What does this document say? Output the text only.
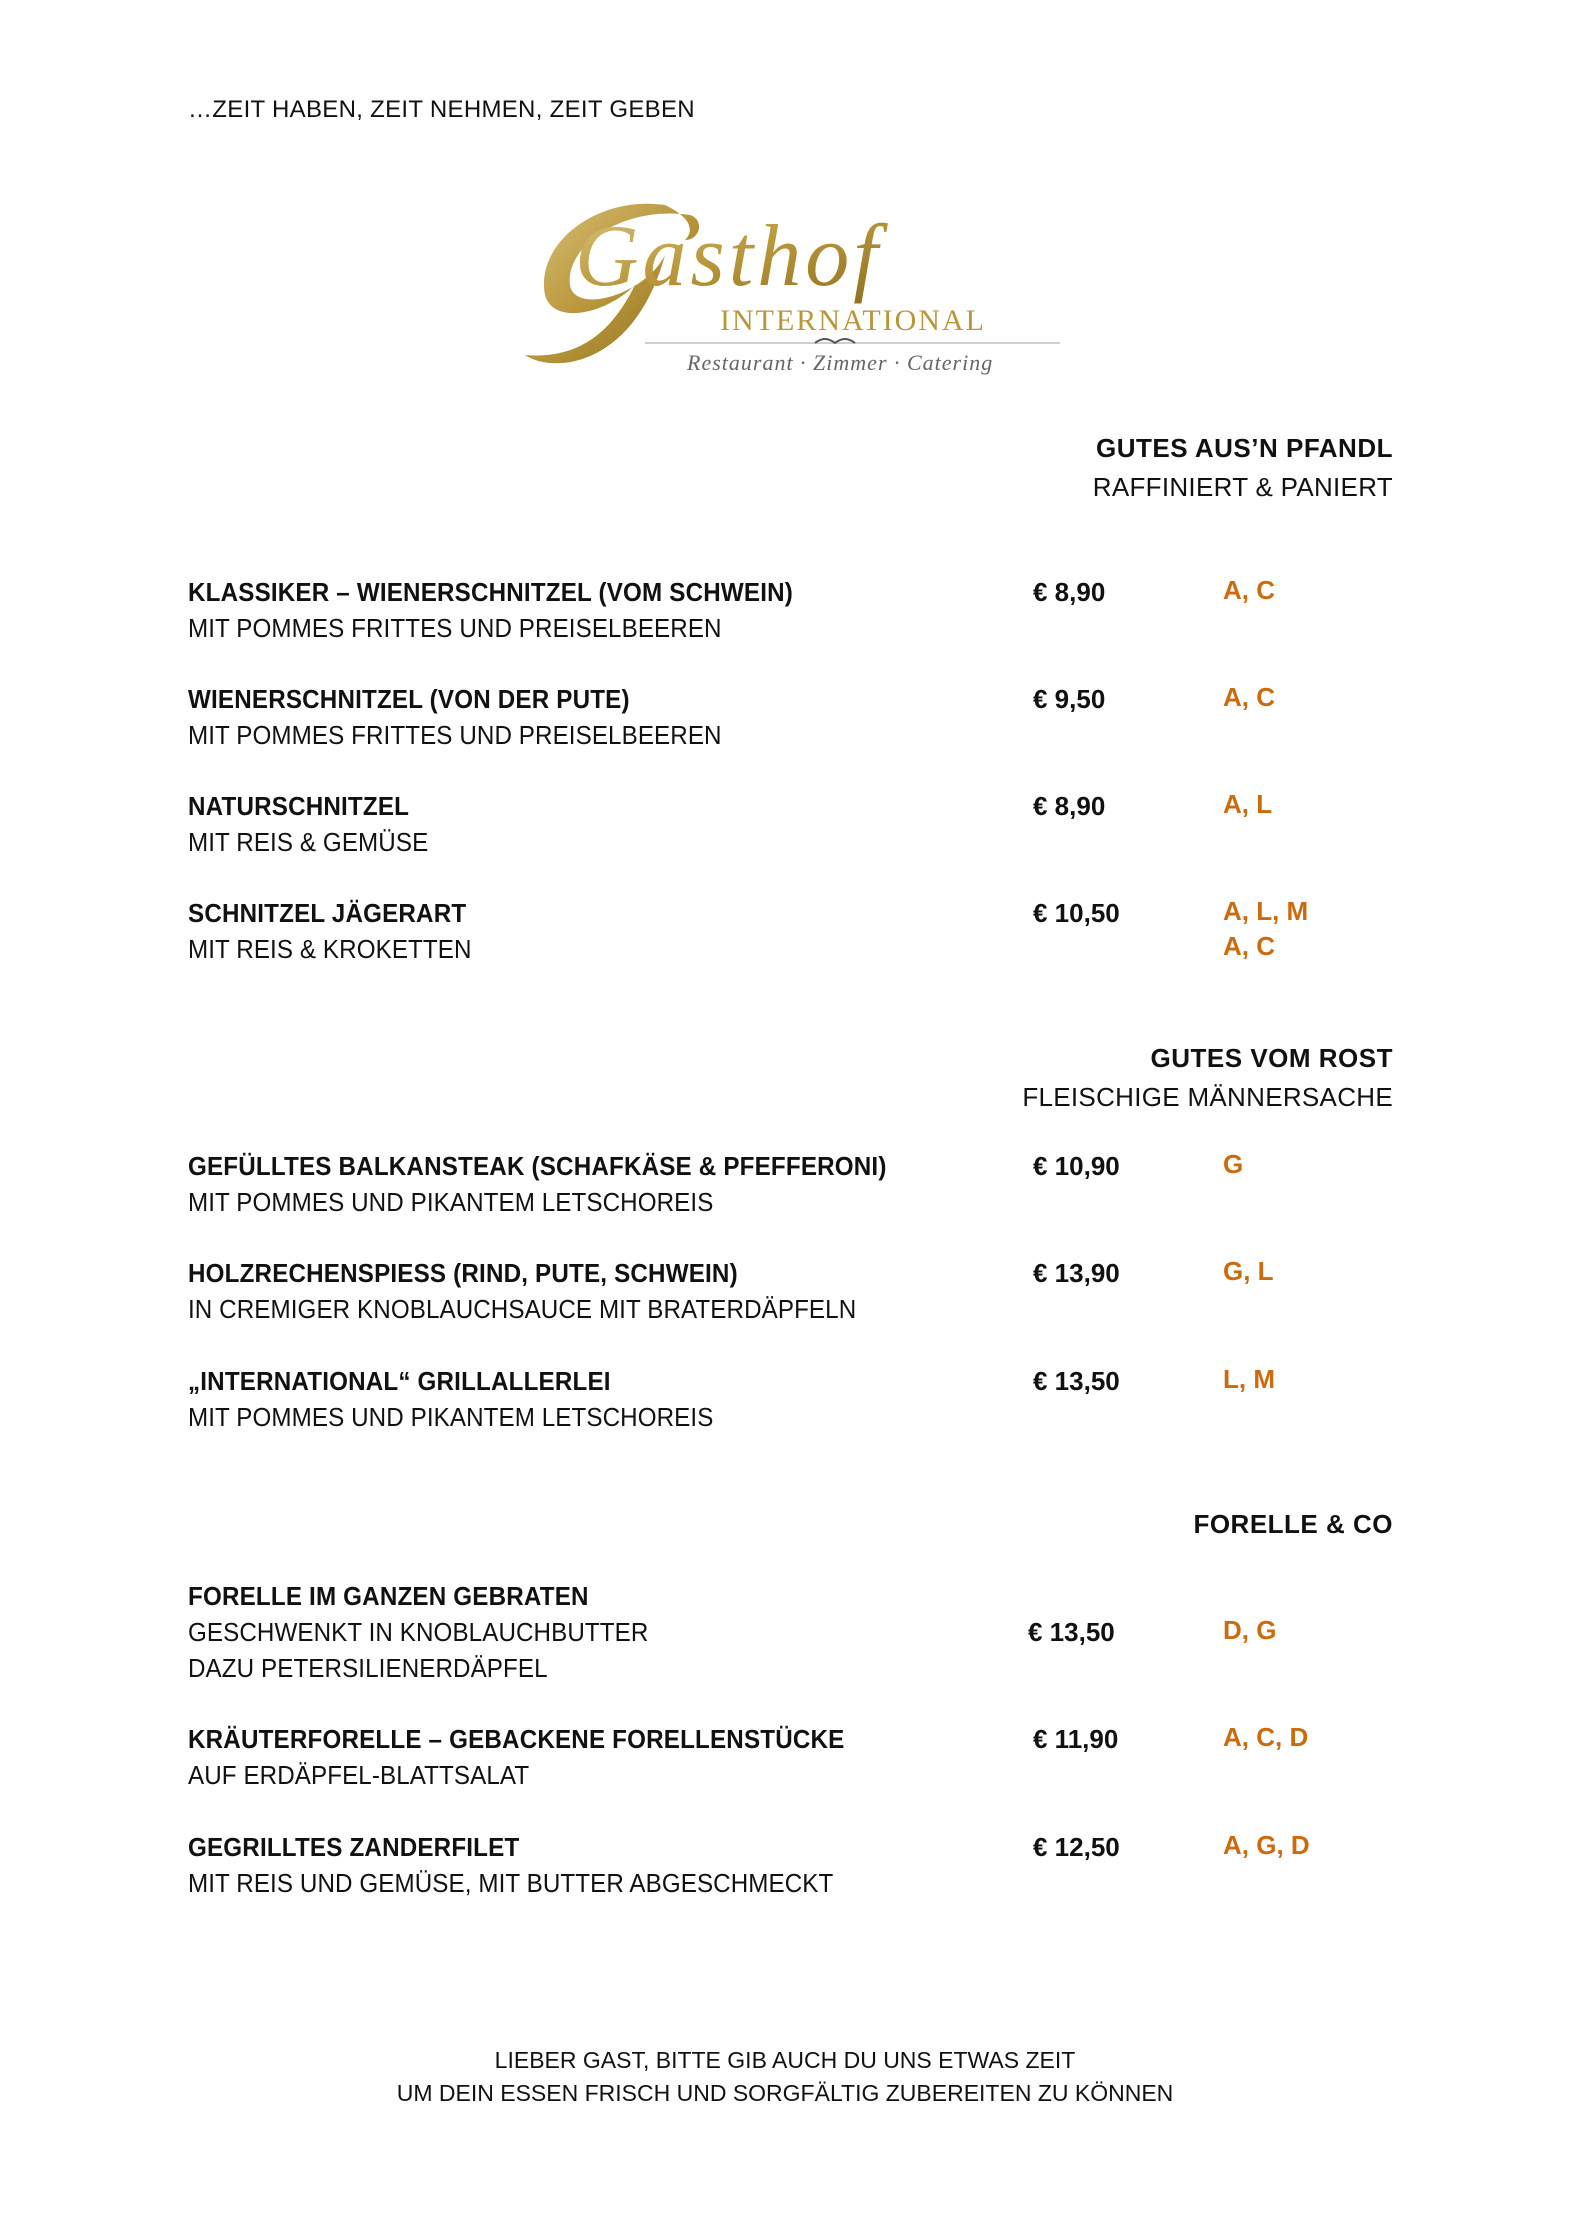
…ZEIT HABEN, ZEIT NEHMEN, ZEIT GEBEN
Gasthof
INTERNATIONAL
Restaurant · Zimmer · Catering
GUTES AUS’N PFANDL
RAFFINIERT & PANIERT
KLASSIKER – WIENERSCHNITZEL (VOM SCHWEIN)
MIT POMMES FRITTES UND PREISELBEEREN
€ 8,90	A, C
WIENERSCHNITZEL (VON DER PUTE)
MIT POMMES FRITTES UND PREISELBEEREN
€ 9,50	A, C
NATURSCHNITZEL
MIT REIS & GEMÜSE
€ 8,90	A, L
SCHNITZEL JÄGERART
MIT REIS & KROKETTEN
€ 10,50	A, L, M
A, C
GUTES VOM ROST
FLEISCHIGE MÄNNERSACHE
GEFÜLLTES BALKANSTEAK (SCHAFKÄSE & PFEFFERONI)
MIT POMMES UND PIKANTEM LETSCHOREIS
€ 10,90	G
HOLZRECHENSPIESS (RIND, PUTE, SCHWEIN)
IN CREMIGER KNOBLAUCHSAUCE MIT BRATERDÄPFELN
€ 13,90	G, L
„INTERNATIONAL“ GRILLALLERLEI
MIT POMMES UND PIKANTEM LETSCHOREIS
€ 13,50	L, M
FORELLE & CO
FORELLE IM GANZEN GEBRATEN
GESCHWENKT IN KNOBLAUCHBUTTER
DAZU PETERSILIENERDÄPFEL
€ 13,50	D, G
KRÄUTERFORELLE – GEBACKENE FORELLENSTÜCKE
AUF ERDÄPFEL-BLATTSALAT
€ 11,90	A, C, D
GEGRILLTES ZANDERFILET
MIT REIS UND GEMÜSE, MIT BUTTER ABGESCHMECKT
€ 12,50	A, G, D
LIEBER GAST, BITTE GIB AUCH DU UNS ETWAS ZEIT
UM DEIN ESSEN FRISCH UND SORGFÄLTIG ZUBEREITEN ZU KÖNNEN
